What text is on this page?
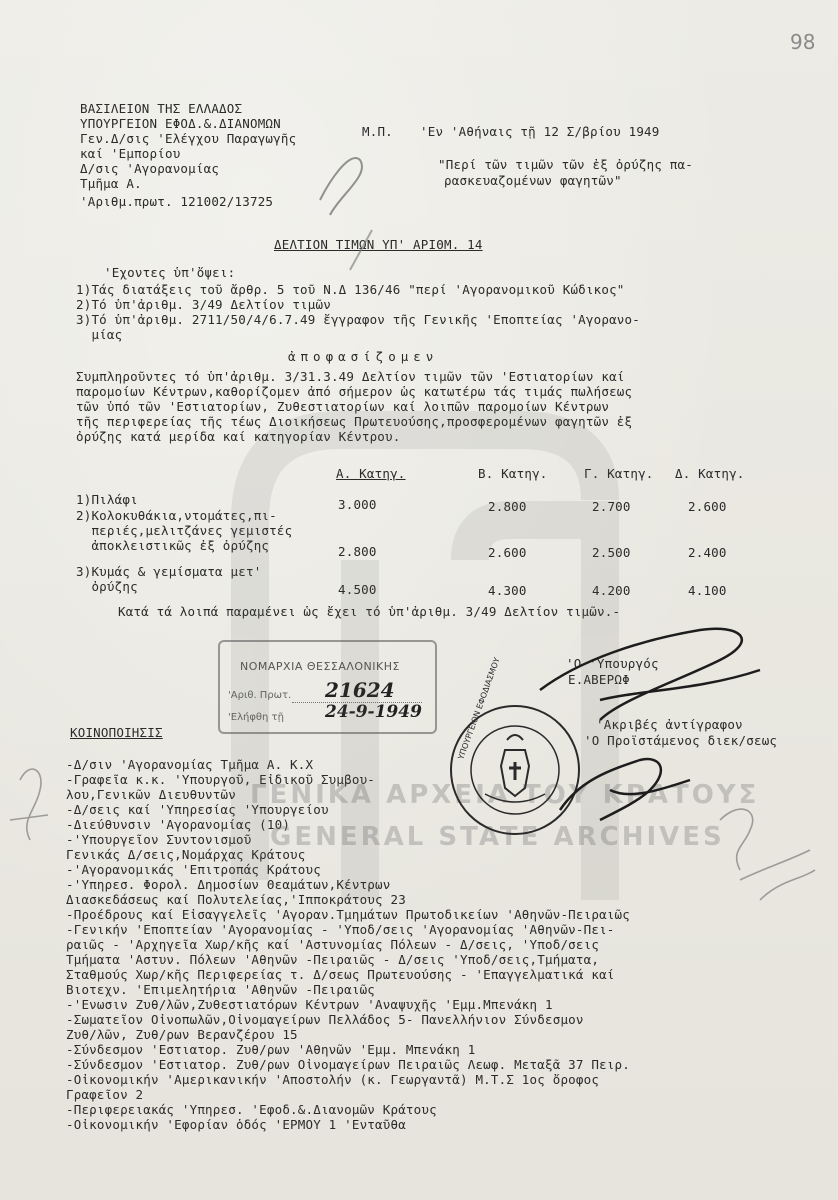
98
ΒΑΣΙΛΕΙΟΝ ΤΗΣ ΕΛΛΑΔΟΣ
ΥΠΟΥΡΓΕΙΟΝ ΕΦΟΔ.&.ΔΙΑΝΟΜΩΝ
Γεν.Δ/σις 'Ελέγχου Παραγωγῆς
καί 'Εμπορίου
Δ/σις 'Αγορανομίας
Τμῆμα Α.
'Αριθμ.πρωτ. 121002/13725
Μ.Π. 'Εν 'Αθήναις τῇ 12 Σ/βρίου 1949
"Περί τῶν τιμῶν τῶν ἐξ ὀρύζης πα-
ρασκευαζομένων φαγητῶν"
ΔΕΛΤΙΟΝ ΤΙΜΩΝ ΥΠ' ΑΡΙΘΜ. 14
'Εχοντες ὑπ'ὄψει:
1)Τάς διατάξεις τοῦ ἄρθρ. 5 τοῦ Ν.Δ 136/46 "περί 'Αγορανομικοῦ Κώδικος"
2)Τό ὑπ'ἀριθμ. 3/49 Δελτίον τιμῶν
3)Τό ὑπ'ἀριθμ. 2711/50/4/6.7.49 ἔγγραφον τῆς Γενικῆς 'Εποπτείας 'Αγορανο-
μίας
ἀποφασίζομεν
Συμπληροῦντες τό ὑπ'ἀριθμ. 3/31.3.49 Δελτίον τιμῶν τῶν 'Εστιατορίων καί
παρομοίων Κέντρων,καθορίζομεν ἀπό σήμερον ὡς κατωτέρω τάς τιμάς πωλήσεως
τῶν ὑπό τῶν 'Εστιατορίων, Ζυθεστιατορίων καί λοιπῶν παρομοίων Κέντρων
τῆς περιφερείας τῆς τέως Διοικήσεως Πρωτευούσης,προσφερομένων φαγητῶν ἐξ
ὀρύζης κατά μερίδα καί κατηγορίαν Κέντρου.
Α. Κατηγ.	Β. Κατηγ.	Γ. Κατηγ. Δ. Κατηγ.
1)Πιλάφι	3.000	2.800	2.700	2.600
2)Κολοκυθάκια,ντομάτες,πι-
περιές,μελιτζάνες γεμιστές
ἀποκλειστικῶς ἐξ ὀρύζης	2.800	2.600	2.500	2.400
3)Κυμάς & γεμίσματα μετ'
ὀρύζης	4.500	4.300	4.200	4.100
Κατά τά λοιπά παραμένει ὡς ἔχει τό ὑπ'ἀριθμ. 3/49 Δελτίον τιμῶν.-
'Ο 'Υπουργός
Ε.ΑΒΕΡΩΦ
'Ακριβές ἀντίγραφον
'Ο Προϊστάμενος διεκ/σεως
ΝΟΜΑΡΧΙΑ ΘΕΣΣΑΛΟΝΙΚΗΣ
'Αριθ. Πρωτ. 21624
'Ελήφθη τῇ 24-9-1949
ΚΟΙΝΟΠΟΙΗΣΙΣ
-Δ/σιν 'Αγορανομίας Τμῆμα Α. Κ.Χ
-Γραφεῖα κ.κ. 'Υπουργοῦ, Εἰδικοῦ Συμβου-
λου,Γενικῶν Διευθυντῶν
-Δ/σεις καί 'Υπηρεσίας 'Υπουργείου
-Διεύθυνσιν 'Αγορανομίας (10)
-'Υπουργεῖον Συντονισμοῦ
Γενικάς Δ/σεις,Νομάρχας Κράτους
-'Αγορανομικάς 'Επιτροπάς Κράτους
-'Υπηρεσ. Φορολ. Δημοσίων Θεαμάτων,Κέντρων
Διασκεδάσεως καί Πολυτελείας,'Ιπποκράτους 23
-Προέδρους καί Εἰσαγγελεῖς 'Αγοραν.Τμημάτων Πρωτοδικείων 'Αθηνῶν-Πειραιῶς
-Γενικήν 'Εποπτείαν 'Αγορανομίας - 'Υποδ/σεις 'Αγορανομίας 'Αθηνῶν-Πει-
ραιῶς - 'Αρχηγεῖα Χωρ/κῆς καί 'Αστυνομίας Πόλεων - Δ/σεις, 'Υποδ/σεις
Τμήματα 'Αστυν. Πόλεων 'Αθηνῶν -Πειραιῶς - Δ/σεις 'Υποδ/σεις,Τμήματα,
Σταθμούς Χωρ/κῆς Περιφερείας τ. Δ/σεως Πρωτευούσης - 'Επαγγελματικά καί
Βιοτεχν. 'Επιμελητήρια 'Αθηνῶν -Πειραιῶς
-'Ενωσιν Ζυθ/λῶν,Ζυθεστιατόρων Κέντρων 'Αναψυχῆς 'Εμμ.Μπενάκη 1
-Σωματεῖον Οἰνοπωλῶν,Οἰνομαγείρων Πελλάδος 5- Πανελλήνιον Σύνδεσμον
Ζυθ/λῶν, Ζυθ/ρων Βερανζέρου 15
-Σύνδεσμον 'Εστιατορ. Ζυθ/ρων 'Αθηνῶν 'Εμμ. Μπενάκη 1
-Σύνδεσμον 'Εστιατορ. Ζυθ/ρων Οἰνομαγείρων Πειραιῶς Λεωφ. Μεταξᾶ 37 Πειρ.
-Οἰκονομικήν 'Αμερικανικήν 'Αποστολήν (κ. Γεωργαντᾶ) Μ.Τ.Σ 1ος ὄροφος
Γραφεῖον 2
-Περιφερειακάς 'Υπηρεσ. 'Εφοδ.&.Διανομῶν Κράτους
-Οἰκονομικήν 'Εφορίαν ὁδός 'ΕΡΜΟΥ 1 'Ενταῦθα
ΓΕΝΙΚΑ ΑΡΧΕΙΑ ΤΟΥ ΚΡΑΤΟΥΣ
GENERAL STATE ARCHIVES
ΥΠΟΥΡΓΕΙΟΝ ΕΦΟΔΙΑΣΜΟΥ
